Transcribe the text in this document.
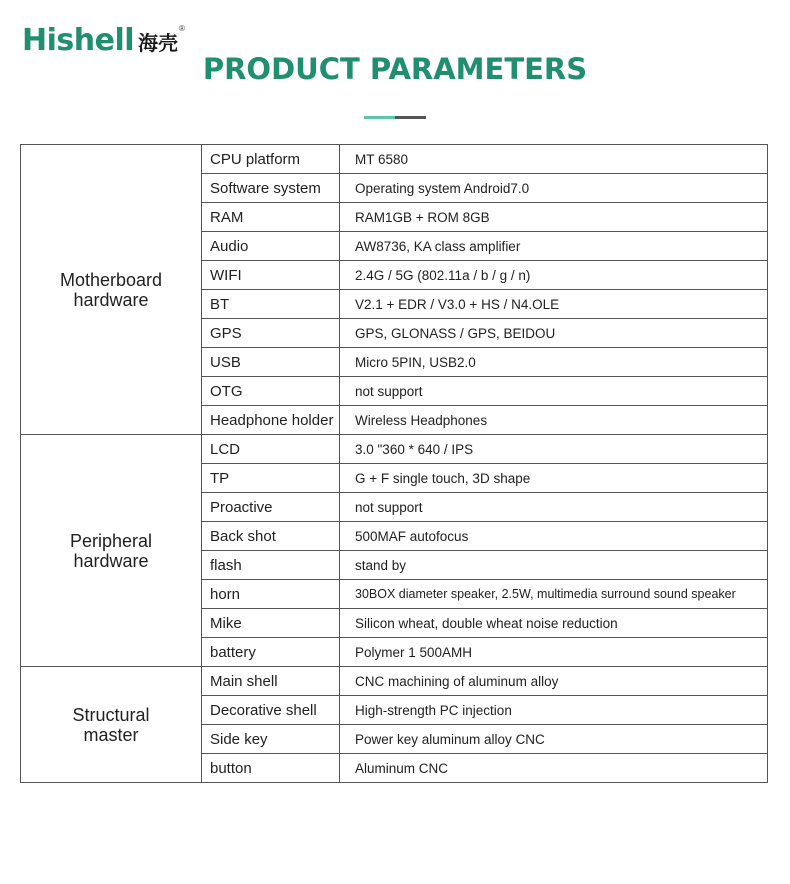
Hishell 海壳
®
PRODUCT PARAMETERS
Motherboard
hardware	CPU platform	MT 6580
	Software system	Operating system Android7.0
	RAM	RAM1GB + ROM 8GB
	Audio	AW8736, KA class amplifier
	WIFI	2.4G / 5G (802.11a / b / g / n)
	BT	V2.1 + EDR / V3.0 + HS / N4.OLE
	GPS	GPS, GLONASS / GPS, BEIDOU
	USB	Micro 5PIN, USB2.0
	OTG	not support
	Headphone holder	Wireless Headphones

Peripheral
hardware	LCD	3.0 "360 * 640 / IPS
	TP	G + F single touch, 3D shape
	Proactive	not support
	Back shot	500MAF autofocus
	flash	stand by
	horn	30BOX diameter speaker, 2.5W, multimedia surround sound speaker
	Mike	Silicon wheat, double wheat noise reduction
	battery	Polymer 1 500AMH

Structural
master	Main shell	CNC machining of aluminum alloy
	Decorative shell	High-strength PC injection
	Side key	Power key aluminum alloy CNC
	button	Aluminum CNC
